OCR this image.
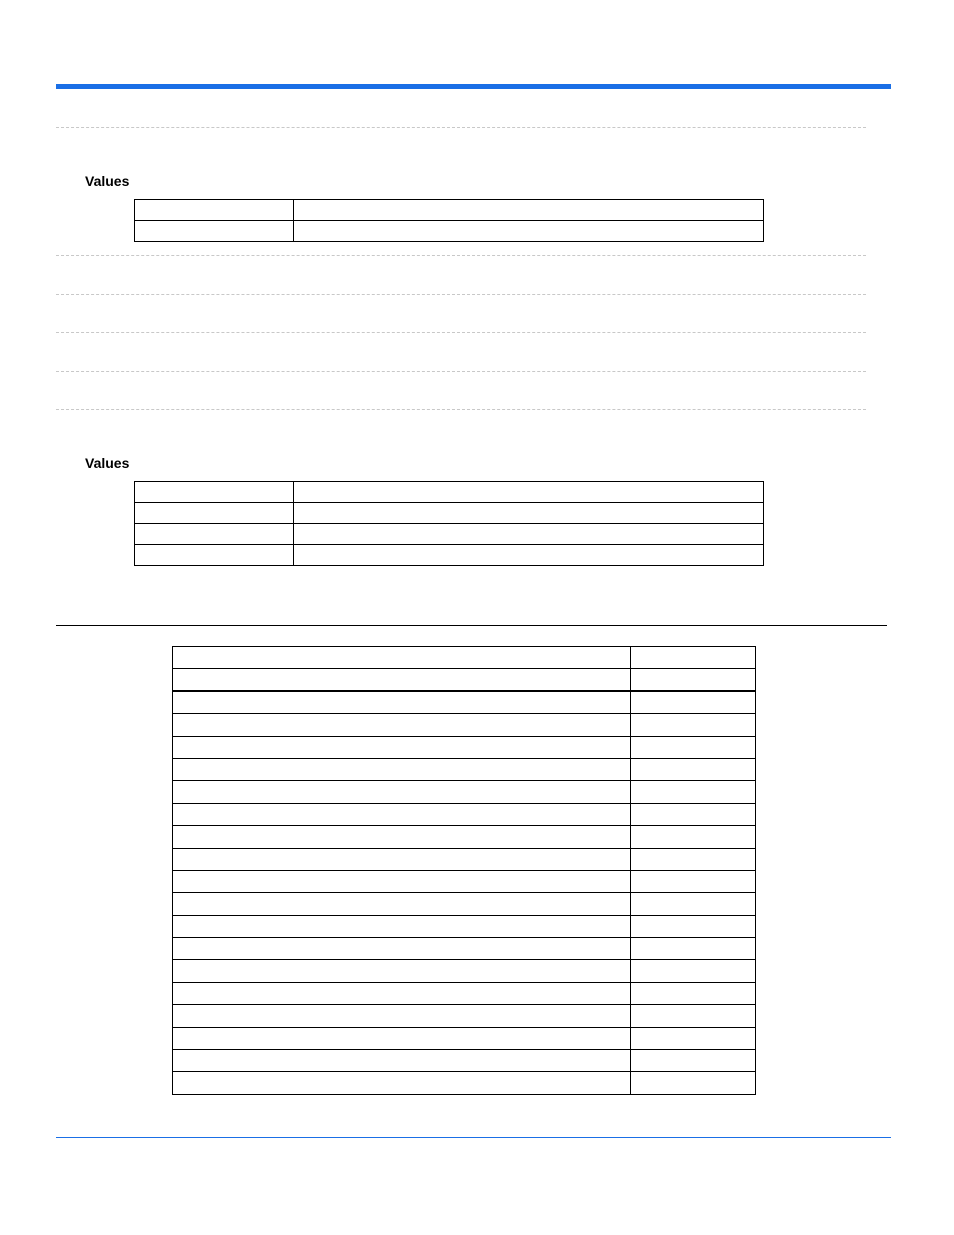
Values

Values
